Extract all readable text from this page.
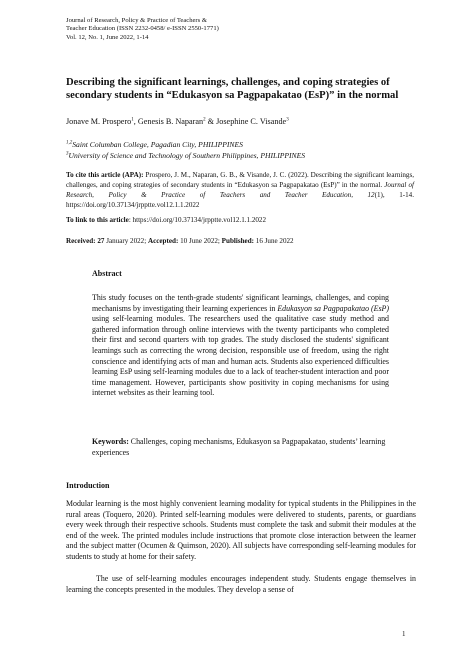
Journal of Research, Policy & Practice of Teachers &
Teacher Education (ISSN 2232-0458/ e-ISSN 2550-1771)
Vol. 12, No. 1, June 2022, 1-14
Describing the significant learnings, challenges, and coping strategies of secondary students in “Edukasyon sa Pagpapakatao (EsP)” in the normal
Jonave M. Prospero$^1$, Genesis B. Naparan$^2$ & Josephine C. Visande$^3$
$^{1,2}$Saint Columban College, Pagadian City, PHILIPPINES
$^3$University of Science and Technology of Southern Philippines, PHILIPPINES
To cite this article (APA): Prospero, J. M., Naparan, G. B., & Visande, J. C. (2022). Describing the significant learnings, challenges, and coping strategies of secondary students in “Edukasyon sa Pagpapakatao (EsP)” in the normal. Journal of Research, Policy & Practice of Teachers and Teacher Education, 12(1), 1-14. https://doi.org/10.37134/jrpptte.vol12.1.1.2022
To link to this article: https://doi.org/10.37134/jrpptte.vol12.1.1.2022
Received: 27 January 2022; Accepted: 10 June 2022; Published: 16 June 2022
Abstract
This study focuses on the tenth-grade students' significant learnings, challenges, and coping mechanisms by investigating their learning experiences in Edukasyon sa Pagpapakatao (EsP) using self-learning modules. The researchers used the qualitative case study method and gathered information through online interviews with the twenty participants who completed their first and second quarters with top grades. The study disclosed the students' significant learnings such as correcting the wrong decision, responsible use of freedom, using the right conscience and identifying acts of man and human acts. Students also experienced difficulties learning EsP using self-learning modules due to a lack of teacher-student interaction and poor time management. However, participants show positivity in coping mechanisms for using internet websites as their learning tool.
Keywords: Challenges, coping mechanisms, Edukasyon sa Pagpapakatao, students’ learning experiences
Introduction
Modular learning is the most highly convenient learning modality for typical students in the Philippines in the rural areas (Toquero, 2020). Printed self-learning modules were delivered to students, parents, or guardians every week through their respective schools. Students must complete the task and submit their modules at the end of the week. The printed modules include instructions that promote close interaction between the learner and the subject matter (Ocumen & Quimson, 2020). All subjects have corresponding self-learning modules for students to study at home for their safety.
The use of self-learning modules encourages independent study. Students engage themselves in learning the concepts presented in the modules. They develop a sense of
1
